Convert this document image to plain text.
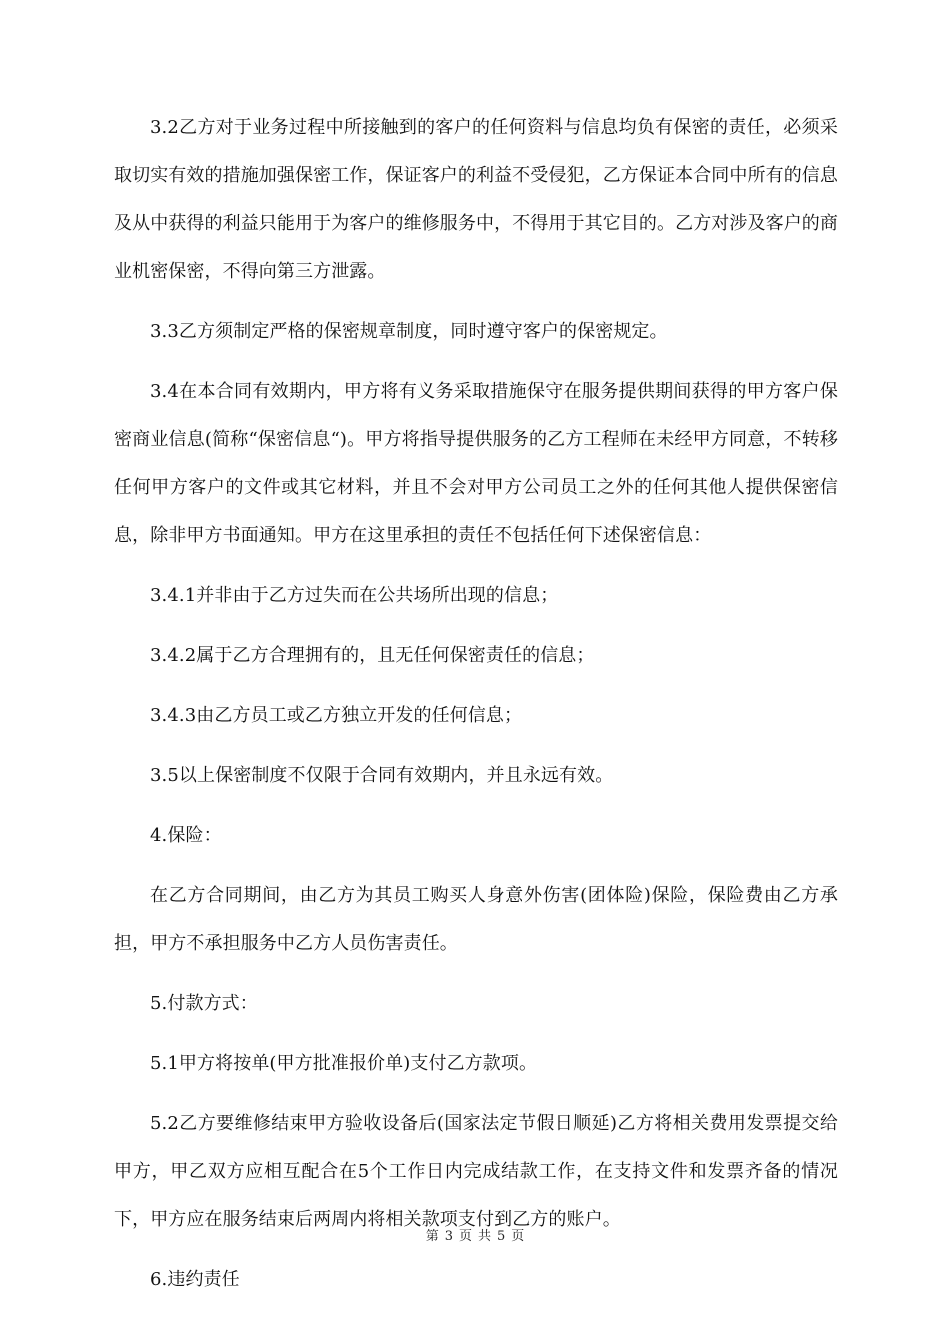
3.2乙方对于业务过程中所接触到的客户的任何资料与信息均负有保密的责任，必须采取切实有效的措施加强保密工作，保证客户的利益不受侵犯，乙方保证本合同中所有的信息及从中获得的利益只能用于为客户的维修服务中，不得用于其它目的。乙方对涉及客户的商业机密保密，不得向第三方泄露。

3.3乙方须制定严格的保密规章制度，同时遵守客户的保密规定。

3.4在本合同有效期内，甲方将有义务采取措施保守在服务提供期间获得的甲方客户保密商业信息(简称“保密信息“)。甲方将指导提供服务的乙方工程师在未经甲方同意，不转移任何甲方客户的文件或其它材料，并且不会对甲方公司员工之外的任何其他人提供保密信息，除非甲方书面通知。甲方在这里承担的责任不包括任何下述保密信息：

3.4.1并非由于乙方过失而在公共场所出现的信息；

3.4.2属于乙方合理拥有的，且无任何保密责任的信息；

3.4.3由乙方员工或乙方独立开发的任何信息；

3.5以上保密制度不仅限于合同有效期内，并且永远有效。

4.保险：

在乙方合同期间，由乙方为其员工购买人身意外伤害(团体险)保险，保险费由乙方承担，甲方不承担服务中乙方人员伤害责任。

5.付款方式：

5.1甲方将按单(甲方批准报价单)支付乙方款项。

5.2乙方要维修结束甲方验收设备后(国家法定节假日顺延)乙方将相关费用发票提交给甲方，甲乙双方应相互配合在5个工作日内完成结款工作，在支持文件和发票齐备的情况下，甲方应在服务结束后两周内将相关款项支付到乙方的账户。

6.违约责任

第 3 页 共 5 页
